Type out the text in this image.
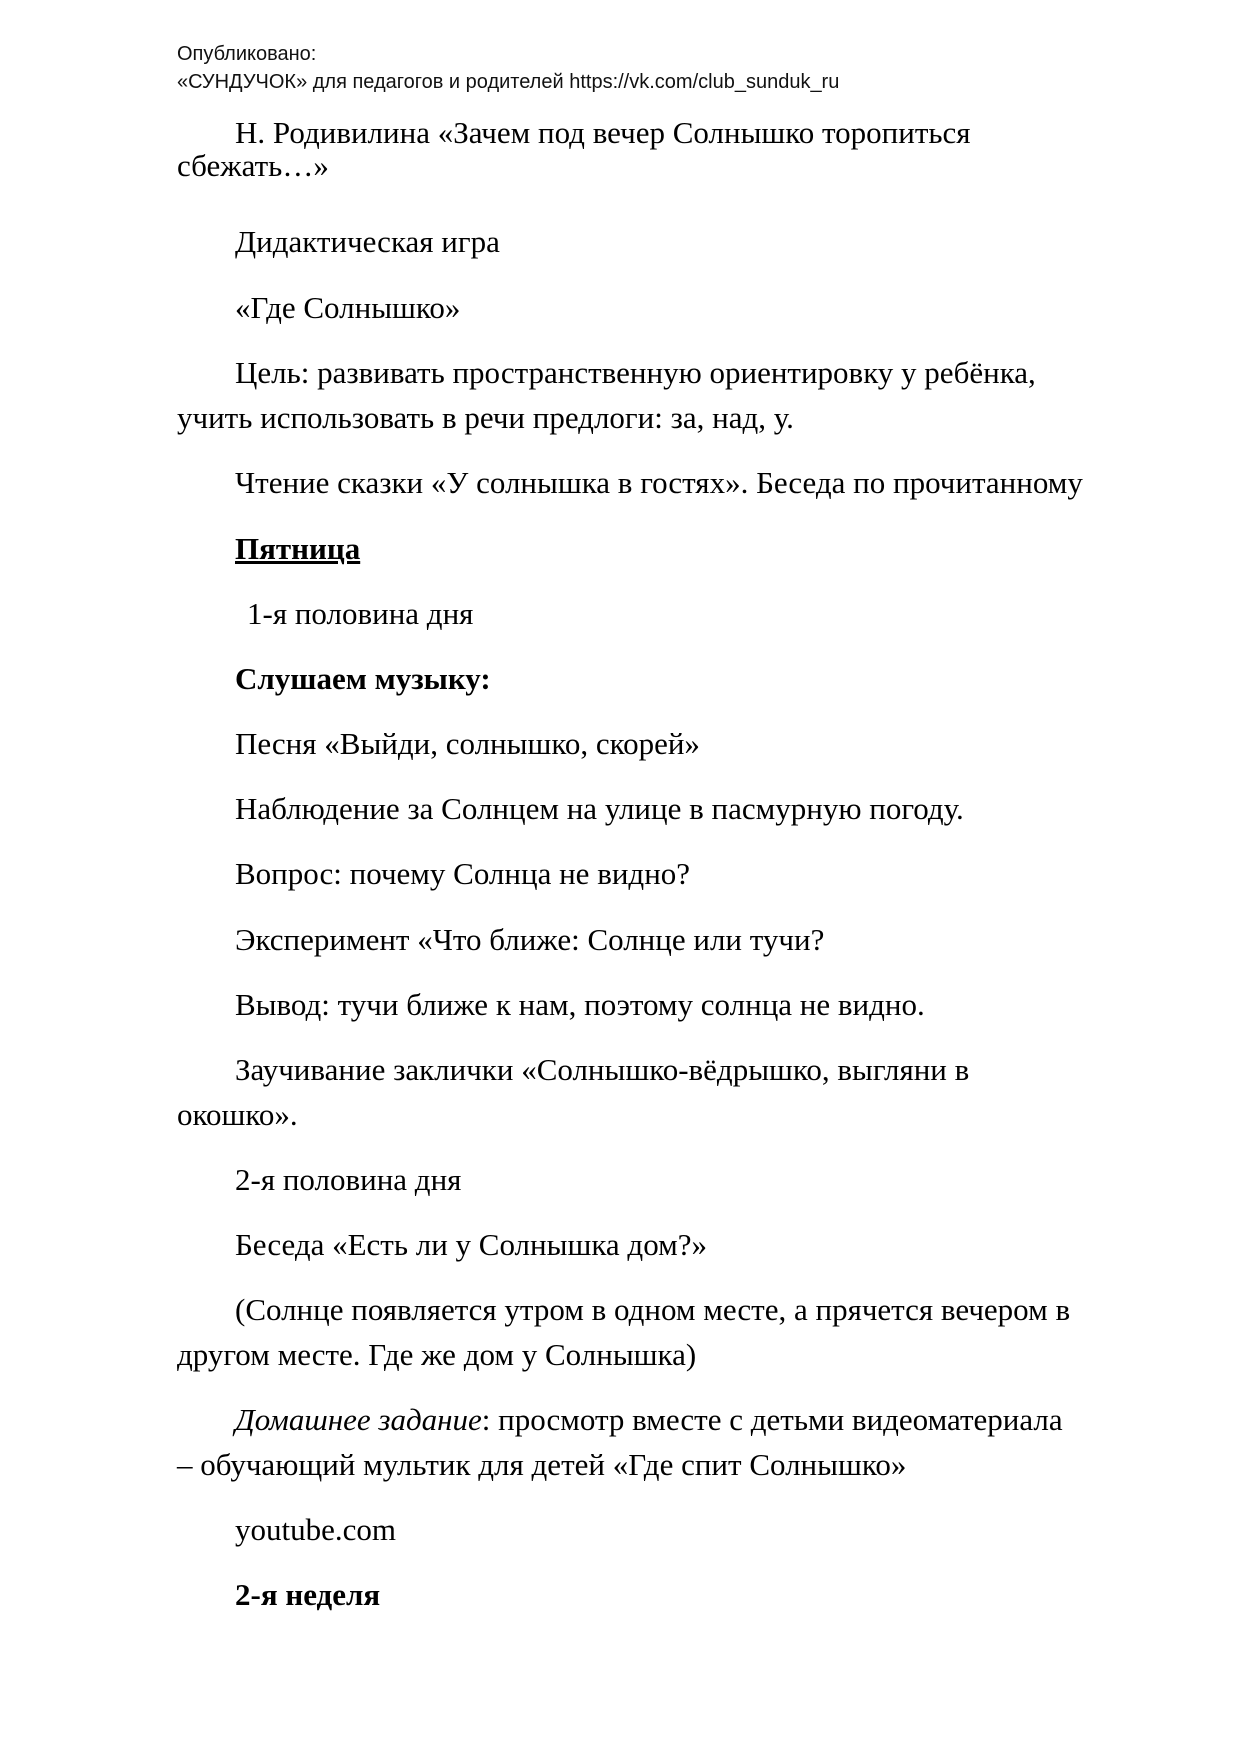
Опубликовано:
«СУНДУЧОК» для педагогов и родителей https://vk.com/club_sunduk_ru
Н. Родивилина «Зачем под вечер Солнышко торопиться
сбежать…»
Дидактическая игра
«Где Солнышко»
Цель: развивать пространственную ориентировку у ребёнка,
учить использовать в речи предлоги: за, над, у.
Чтение сказки «У солнышка в гостях». Беседа по прочитанному
Пятница
1-я половина дня
Слушаем музыку:
Песня «Выйди, солнышко, скорей»
Наблюдение за Солнцем на улице в пасмурную погоду.
Вопрос: почему Солнца не видно?
Эксперимент «Что ближе: Солнце или тучи?
Вывод: тучи ближе к нам, поэтому солнца не видно.
Заучивание заклички «Солнышко-вёдрышко, выгляни в
окошко».
2-я половина дня
Беседа «Есть ли у Солнышка дом?»
(Солнце появляется утром в одном месте, а прячется вечером в
другом месте. Где же дом у Солнышка)
Домашнее задание: просмотр вместе с детьми видеоматериала
– обучающий мультик для детей «Где спит Солнышко»
youtube.com
2-я неделя
